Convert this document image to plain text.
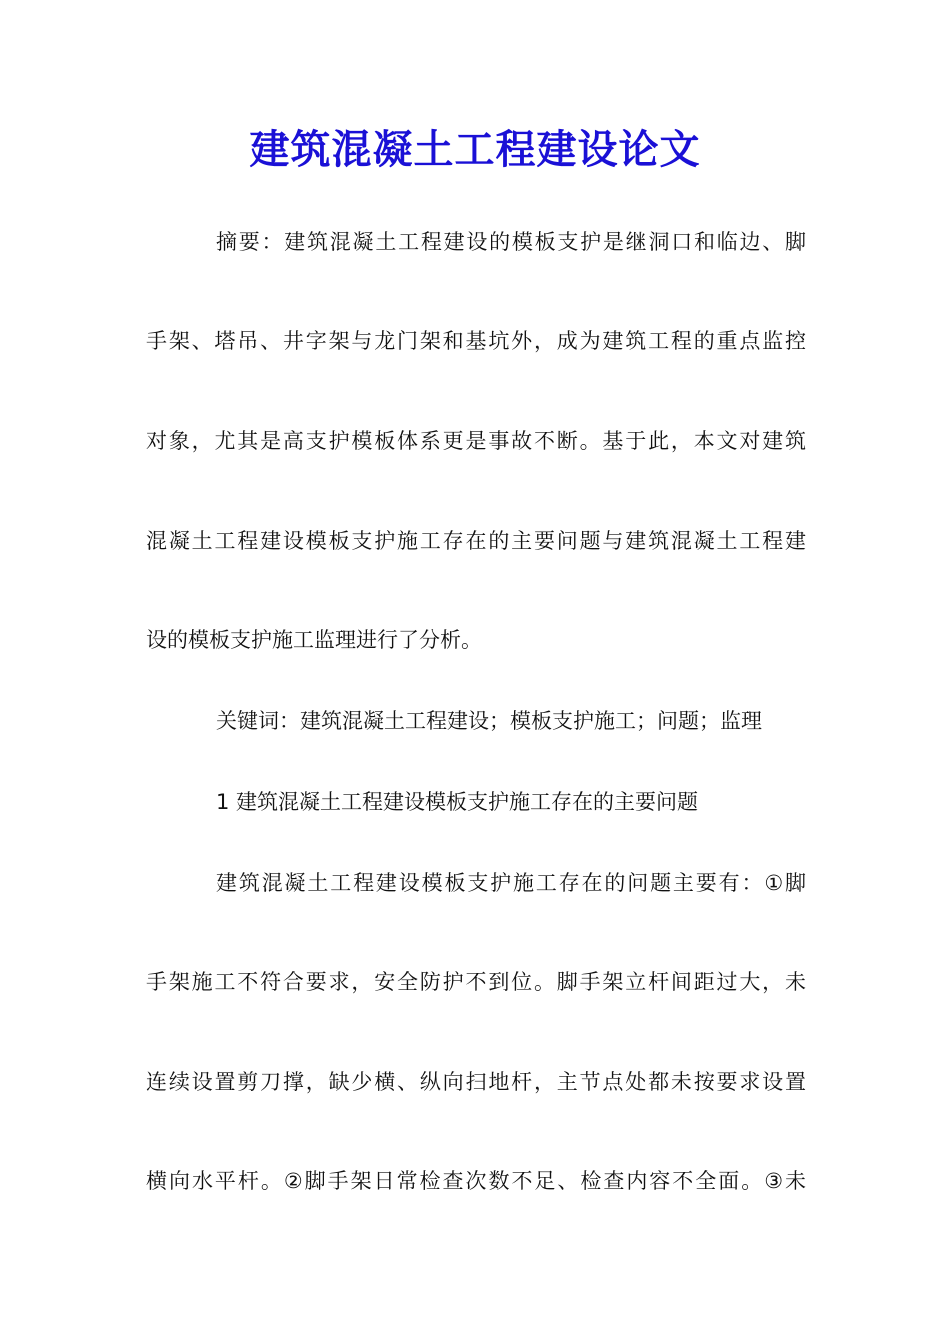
建筑混凝土工程建设论文

摘要：建筑混凝土工程建设的模板支护是继洞口和临边、脚

手架、塔吊、井字架与龙门架和基坑外，成为建筑工程的重点监控

对象，尤其是高支护模板体系更是事故不断。基于此，本文对建筑

混凝土工程建设模板支护施工存在的主要问题与建筑混凝土工程建

设的模板支护施工监理进行了分析。

关键词：建筑混凝土工程建设；模板支护施工；问题；监理

1 建筑混凝土工程建设模板支护施工存在的主要问题

建筑混凝土工程建设模板支护施工存在的问题主要有：①脚

手架施工不符合要求，安全防护不到位。脚手架立杆间距过大，未

连续设置剪刀撑，缺少横、纵向扫地杆，主节点处都未按要求设置

横向水平杆。②脚手架日常检查次数不足、检查内容不全面。③未
